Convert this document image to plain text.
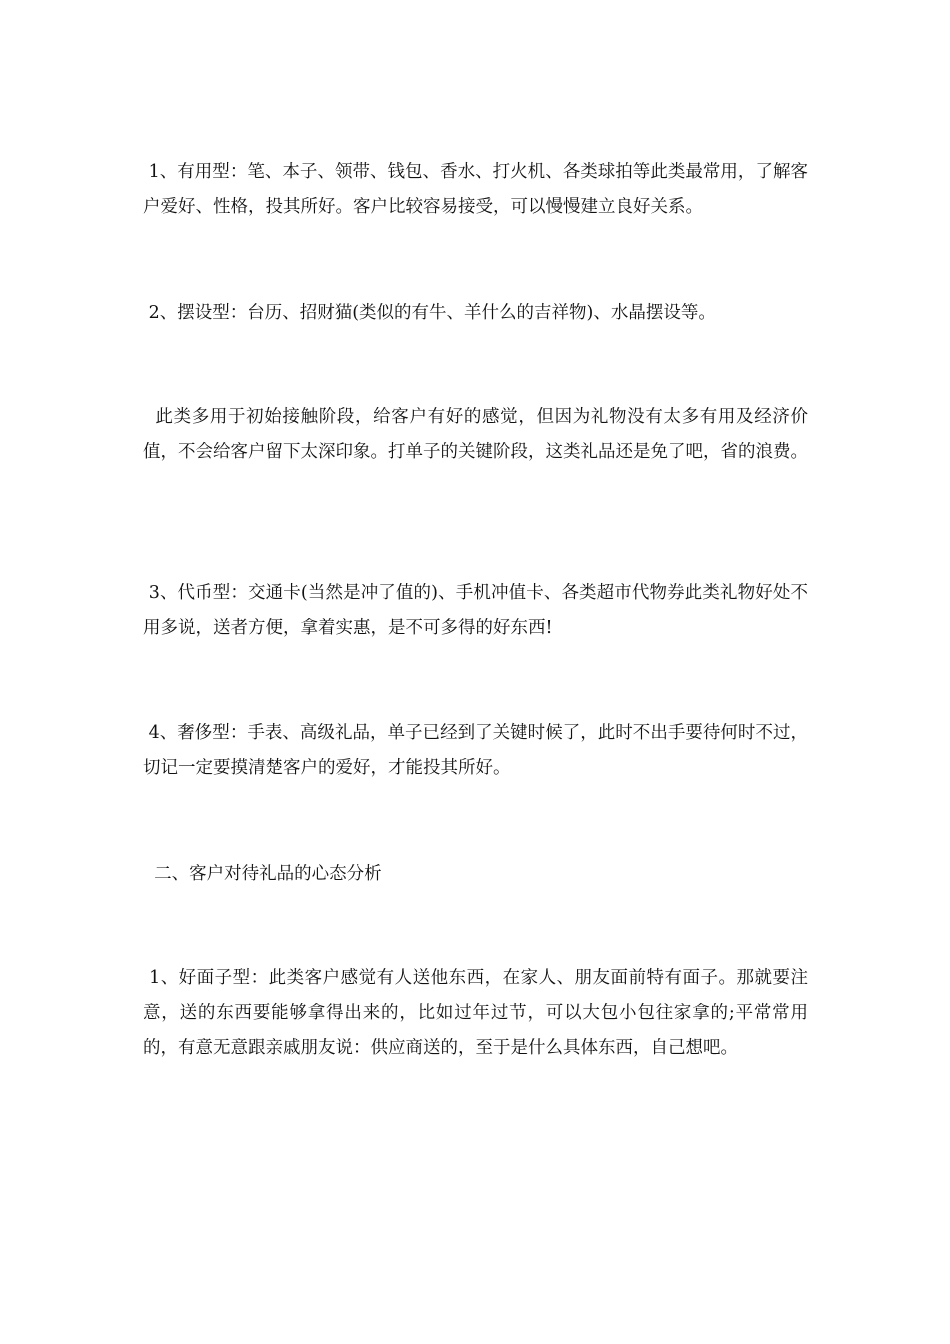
1、有用型：笔、本子、领带、钱包、香水、打火机、各类球拍等此类最常用，了解客户爱好、性格，投其所好。客户比较容易接受，可以慢慢建立良好关系。

2、摆设型：台历、招财猫(类似的有牛、羊什么的吉祥物)、水晶摆设等。

此类多用于初始接触阶段，给客户有好的感觉，但因为礼物没有太多有用及经济价值，不会给客户留下太深印象。打单子的关键阶段，这类礼品还是免了吧，省的浪费。

3、代币型：交通卡(当然是冲了值的)、手机冲值卡、各类超市代物券此类礼物好处不用多说，送者方便，拿着实惠，是不可多得的好东西!

4、奢侈型：手表、高级礼品，单子已经到了关键时候了，此时不出手要待何时不过，切记一定要摸清楚客户的爱好，才能投其所好。

二、客户对待礼品的心态分析

1、好面子型：此类客户感觉有人送他东西，在家人、朋友面前特有面子。那就要注意，送的东西要能够拿得出来的，比如过年过节，可以大包小包往家拿的;平常常用的，有意无意跟亲戚朋友说：供应商送的，至于是什么具体东西，自己想吧。
